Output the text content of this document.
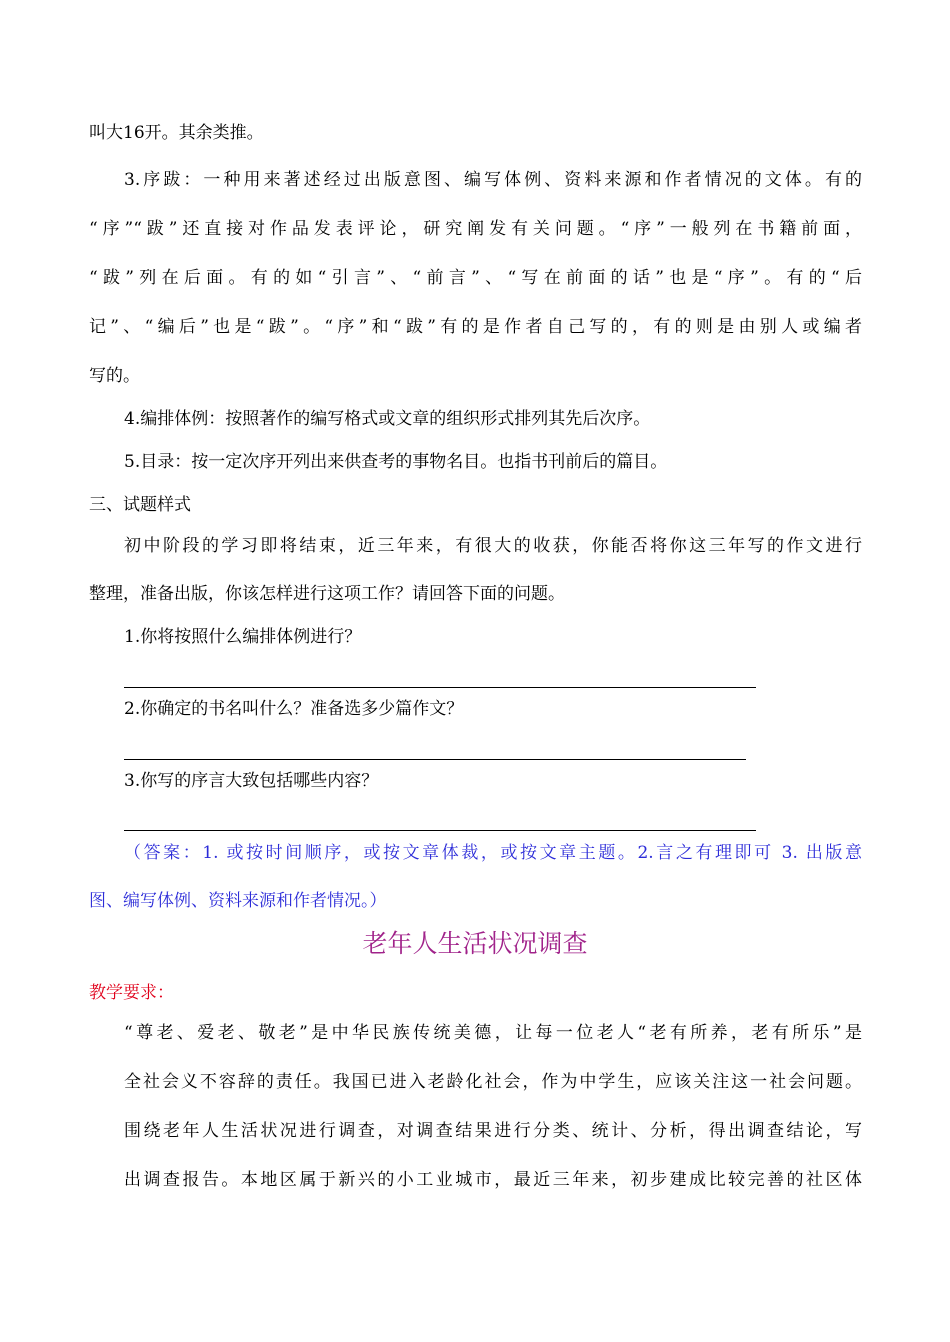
叫大16开。其余类推。
3.序跋：一种用来著述经过出版意图、编写体例、资料来源和作者情况的文体。有的
“序”“跋”还直接对作品发表评论，研究阐发有关问题。“序”一般列在书籍前面，
“跋”列在后面。有的如“引言”、“前言”、“写在前面的话”也是“序”。有的“后
记”、“编后”也是“跋”。“序”和“跋”有的是作者自己写的，有的则是由别人或编者
写的。
4.编排体例：按照著作的编写格式或文章的组织形式排列其先后次序。
5.目录：按一定次序开列出来供查考的事物名目。也指书刊前后的篇目。
三、试题样式
初中阶段的学习即将结束，近三年来，有很大的收获，你能否将你这三年写的作文进行
整理，准备出版，你该怎样进行这项工作？请回答下面的问题。
1.你将按照什么编排体例进行？
2.你确定的书名叫什么？准备选多少篇作文？
3.你写的序言大致包括哪些内容？
（答案：1. 或按时间顺序，或按文章体裁，或按文章主题。2.言之有理即可 3. 出版意
图、编写体例、资料来源和作者情况。）
老年人生活状况调查
教学要求：
“尊老、爱老、敬老”是中华民族传统美德，让每一位老人“老有所养，老有所乐”是
全社会义不容辞的责任。我国已进入老龄化社会，作为中学生，应该关注这一社会问题。
围绕老年人生活状况进行调查，对调查结果进行分类、统计、分析，得出调查结论，写
出调查报告。本地区属于新兴的小工业城市，最近三年来，初步建成比较完善的社区体
